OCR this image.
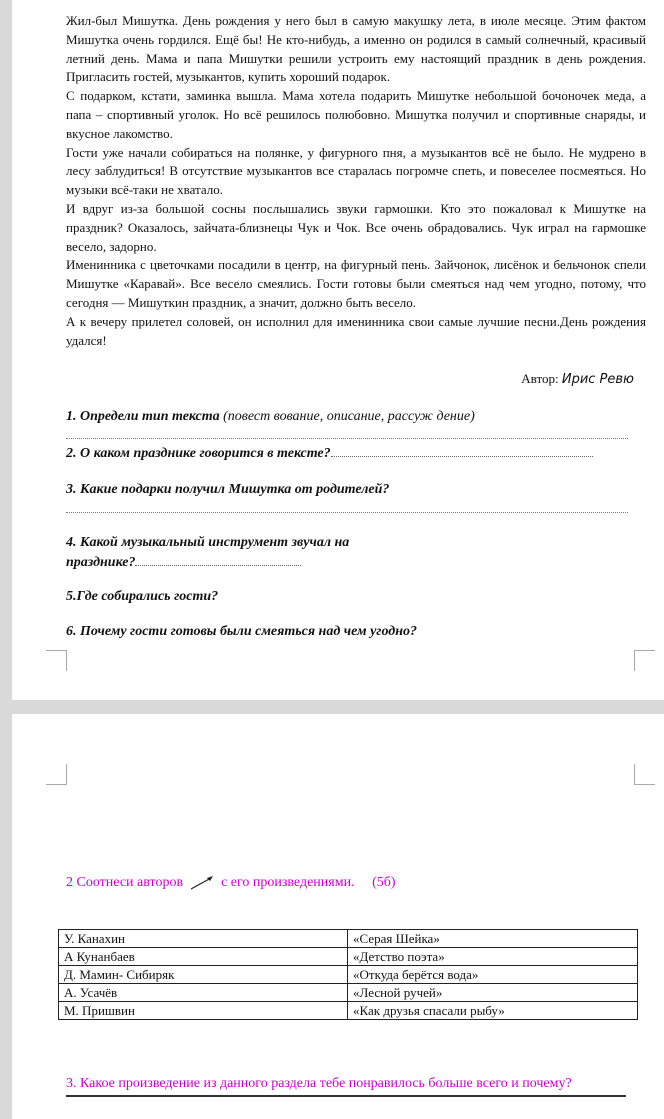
Жил-был Мишутка. День рождения у него был в самую макушку лета, в июле месяце. Этим фактом Мишутка очень гордился. Ещё бы! Не кто-нибудь, а именно он родился в самый солнечный, красивый летний день. Мама и папа Мишутки решили устроить ему настоящий праздник в день рождения. Пригласить гостей, музыкантов, купить хороший подарок.

С подарком, кстати, заминка вышла. Мама хотела подарить Мишутке небольшой бочоночек меда, а папа – спортивный уголок. Но всё решилось полюбовно. Мишутка получил и спортивные снаряды, и вкусное лакомство.

Гости уже начали собираться на полянке, у фигурного пня, а музыкантов всё не было. Не мудрено в лесу заблудиться! В отсутствие музыкантов все старалась погромче спеть, и повеселее посмеяться. Но музыки всё-таки не хватало.

И вдруг из-за большой сосны послышались звуки гармошки. Кто это пожаловал к Мишутке на праздник? Оказалось, зайчата-близнецы Чук и Чок. Все очень обрадовались. Чук играл на гармошке весело, задорно.

Именинника с цветочками посадили в центр, на фигурный пень. Зайчонок, лисёнок и бельчонок спели Мишутке «Каравай». Все весело смеялись. Гости готовы были смеяться над чем угодно, потому, что сегодня — Мишуткин праздник, а значит, должно быть весело.

А к вечеру прилетел соловей, он исполнил для именинника свои самые лучшие песни.День рождения удался!

Автор: Ирис Ревю
1. Определи тип текста (повест вование, описание, рассуж дение)
2. О каком празднике говорится в тексте?
3. Какие подарки получил Мишутка от родителей?
4. Какой музыкальный инструмент звучал на
празднике?
5.Где собирались гости?
6. Почему гости готовы были смеяться над чем угодно?
2 Соотнеси авторов	с его произведениями. (5б)
У. Канахин	«Серая Шейка»
А Кунанбаев	«Детство поэта»
Д. Мамин- Сибиряк	«Откуда берётся вода»
А. Усачёв	«Лесной ручей»
М. Пришвин	«Как друзья спасали рыбу»
3. Какое произведение из данного раздела тебе понравилось больше всего и почему?
